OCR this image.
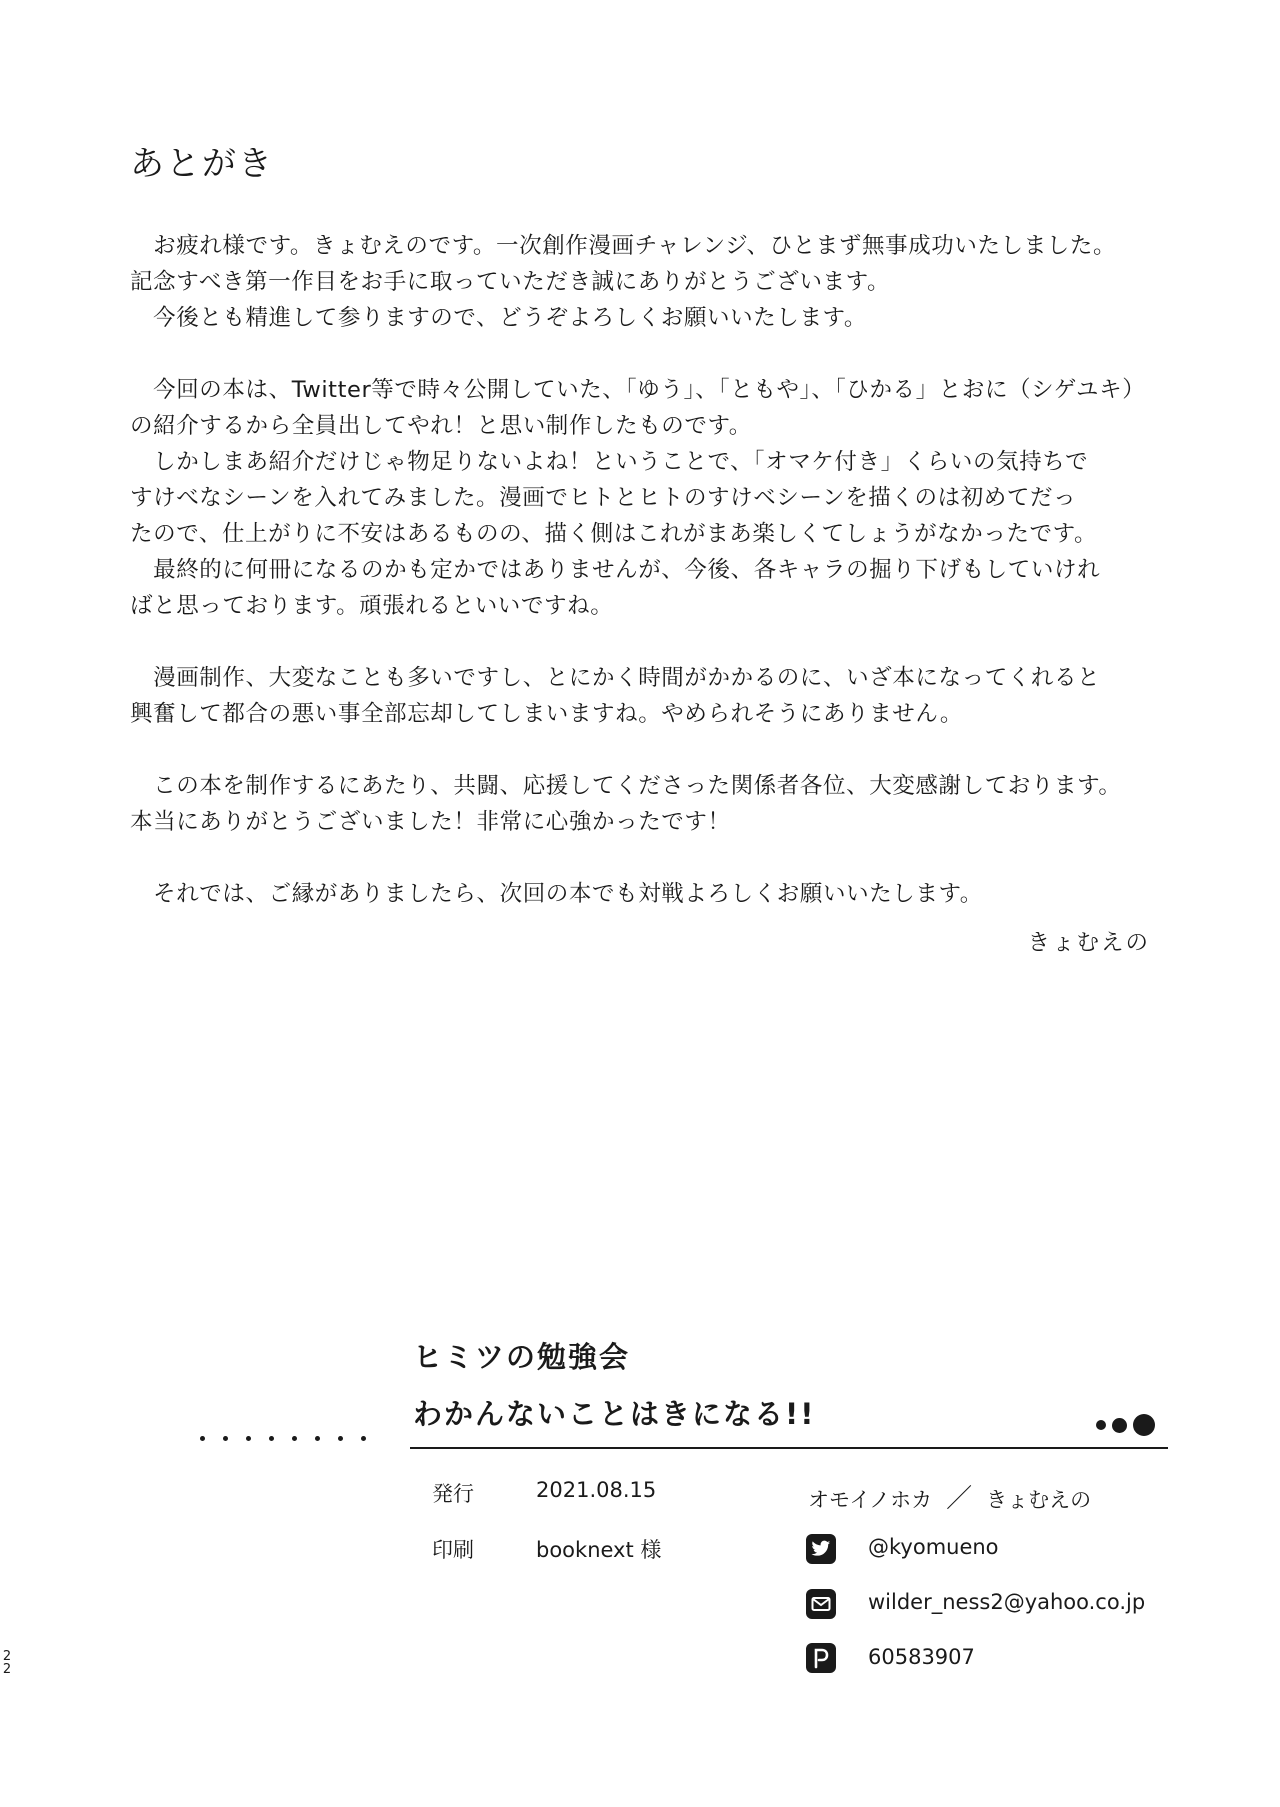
あとがき

　お疲れ様です。きょむえのです。一次創作漫画チャレンジ、ひとまず無事成功いたしました。
記念すべき第一作目をお手に取っていただき誠にありがとうございます。
　今後とも精進して参りますので、どうぞよろしくお願いいたします。

　今回の本は、Twitter等で時々公開していた、「ゆう」、「ともや」、「ひかる」とおに（シゲユキ）
の紹介するから全員出してやれ！と思い制作したものです。
　しかしまあ紹介だけじゃ物足りないよね！ということで、「オマケ付き」くらいの気持ちで
すけべなシーンを入れてみました。漫画でヒトとヒトのすけベシーンを描くのは初めてだっ
たので、仕上がりに不安はあるものの、描く側はこれがまあ楽しくてしょうがなかったです。
　最終的に何冊になるのかも定かではありませんが、今後、各キャラの掘り下げもしていけれ
ばと思っております。頑張れるといいですね。

　漫画制作、大変なことも多いですし、とにかく時間がかかるのに、いざ本になってくれると
興奮して都合の悪い事全部忘却してしまいますね。やめられそうにありません。

　この本を制作するにあたり、共闘、応援してくださった関係者各位、大変感謝しております。
本当にありがとうございました！非常に心強かったです！

　それでは、ご縁がありましたら、次回の本でも対戦よろしくお願いいたします。

きょむえの
ヒミツの勉強会
わかんないことはきになる!!
発行	2021.08.15
印刷	booknext 様
オモイノホカ ／ きょむえの
@kyomueno
wilder_ness2@yahoo.co.jp
60583907
22
